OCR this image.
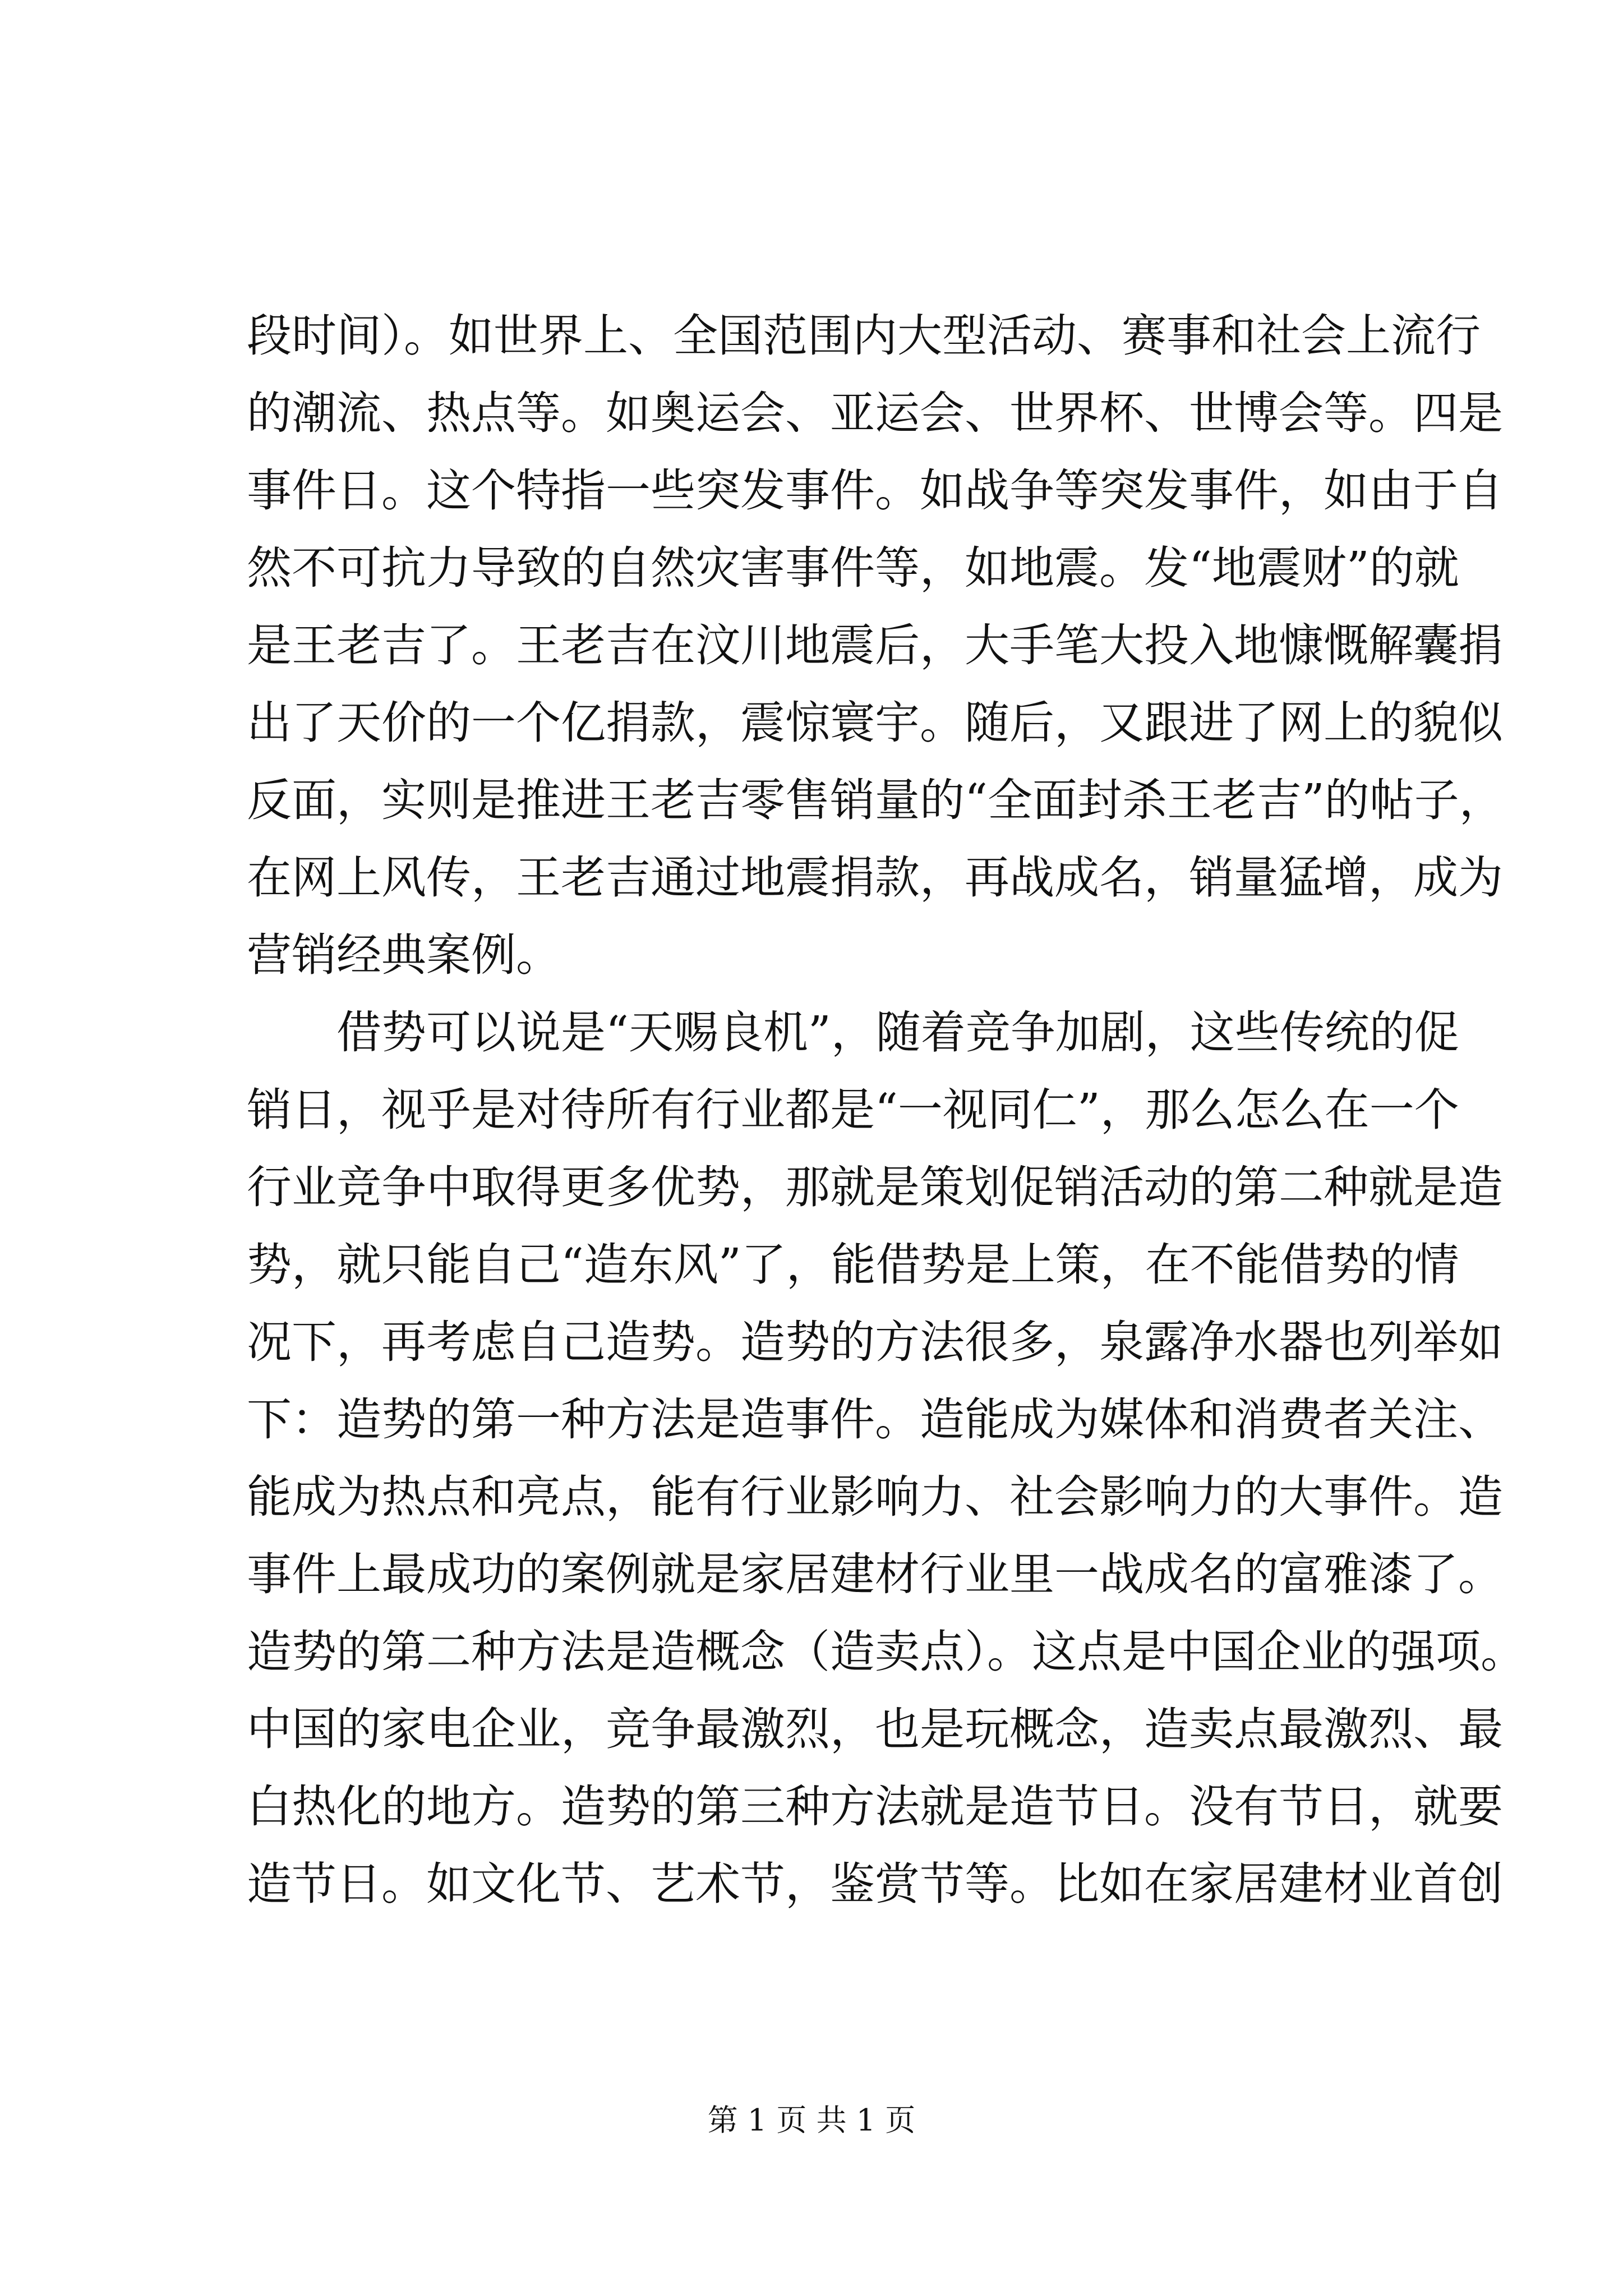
段时间）。如世界上、全国范围内大型活动、赛事和社会上流行
的潮流、热点等。如奥运会、亚运会、世界杯、世博会等。四是
事件日。这个特指一些突发事件。如战争等突发事件，如由于自
然不可抗力导致的自然灾害事件等，如地震。发“地震财”的就
是王老吉了。王老吉在汶川地震后，大手笔大投入地慷慨解囊捐
出了天价的一个亿捐款，震惊寰宇。随后，又跟进了网上的貌似
反面，实则是推进王老吉零售销量的“全面封杀王老吉”的帖子，
在网上风传，王老吉通过地震捐款，再战成名，销量猛增，成为
营销经典案例。
借势可以说是“天赐良机”，随着竞争加剧，这些传统的促
销日，视乎是对待所有行业都是“一视同仁”，那么怎么在一个
行业竞争中取得更多优势，那就是策划促销活动的第二种就是造
势，就只能自己“造东风”了，能借势是上策，在不能借势的情
况下，再考虑自己造势。造势的方法很多，泉露净水器也列举如
下：造势的第一种方法是造事件。造能成为媒体和消费者关注、
能成为热点和亮点，能有行业影响力、社会影响力的大事件。造
事件上最成功的案例就是家居建材行业里一战成名的富雅漆了。
造势的第二种方法是造概念（造卖点）。这点是中国企业的强项。
中国的家电企业，竞争最激烈，也是玩概念，造卖点最激烈、最
白热化的地方。造势的第三种方法就是造节日。没有节日，就要
造节日。如文化节、艺术节，鉴赏节等。比如在家居建材业首创
第 1 页 共 1 页
